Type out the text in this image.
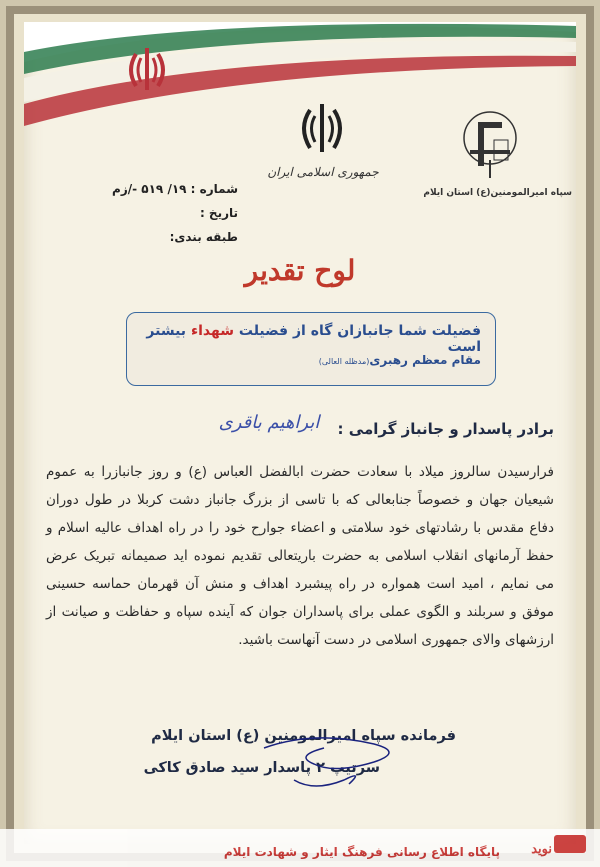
جمهوری اسلامی ایران
سپاه امیرالمومنین(ع) استان ایلام
شماره : ۱۹/ ۵۱۹ -/زم
تاریخ :
طبقه بندی:
لوح تقدیر
فضیلت شما جانبازان گاه از فضیلت شهداء بیشتر است
مقام معظم رهبری(مدظله العالی)
برادر پاسدار و جانباز گرامی :
ابراهیم باقری
فرارسیدن سالروز میلاد با سعادت حضرت ابالفضل العباس (ع) و روز جانبازرا به عموم شیعیان جهان و خصوصاً جنابعالی که با تاسی از بزرگ جانباز دشت کربلا در طول دوران دفاع مقدس با رشادتهای خود سلامتی و اعضاء جوارح خود را در راه اهداف عالیه اسلام و حفظ آرمانهای انقلاب اسلامی به حضرت باریتعالی تقدیم نموده اید صمیمانه تبریک عرض می نمایم ، امید است همواره در راه پیشبرد اهداف و منش آن قهرمان حماسه حسینی موفق و سربلند و الگوی عملی برای پاسداران جوان که آینده سپاه و حفاظت و صیانت از ارزشهای والای جمهوری اسلامی در دست آنهاست باشید.
فرمانده سپاه امیرالمومنین (ع) استان ایلام
سرتیپ ۲ پاسدار سید صادق کاکی
نوید
پایگاه اطلاع رسانی فرهنگ ایثار و شهادت ایلام
